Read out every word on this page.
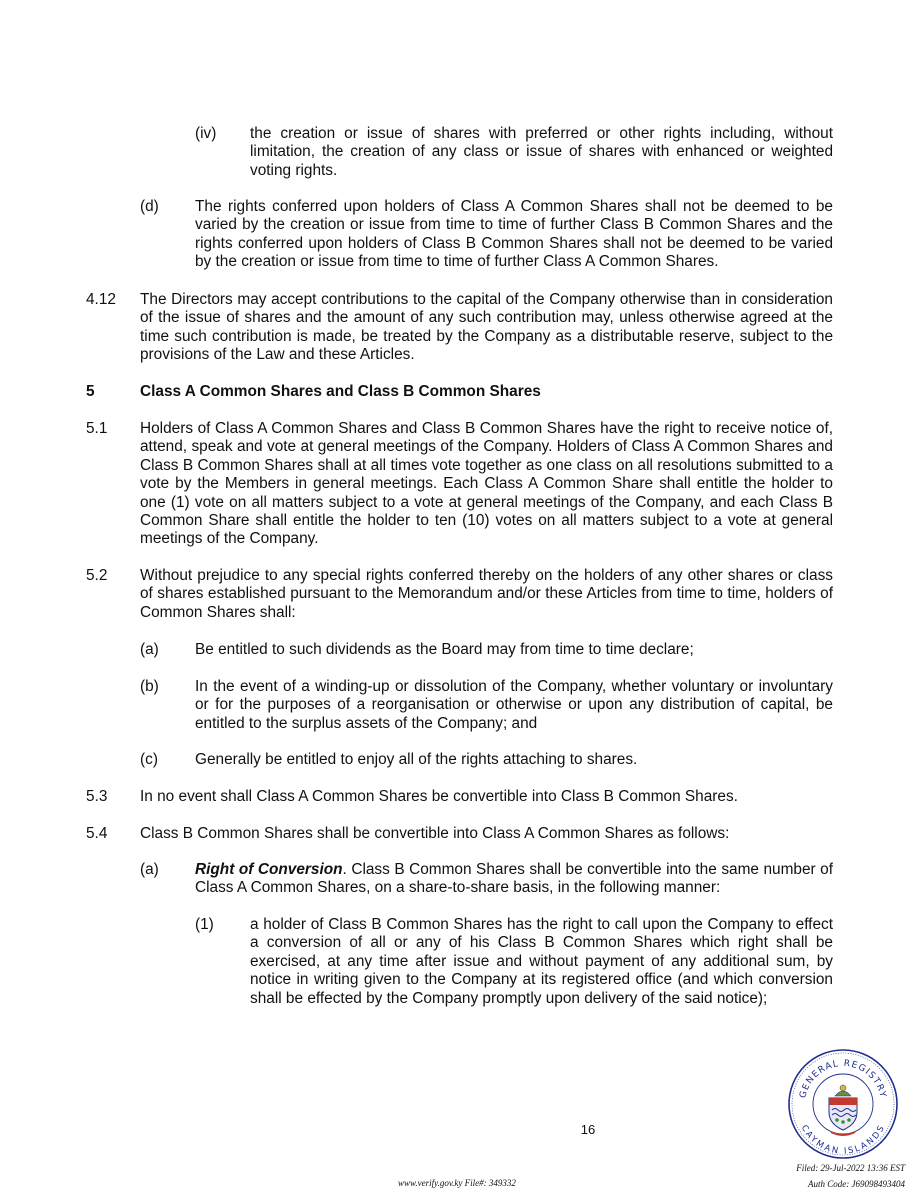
(iv) the creation or issue of shares with preferred or other rights including, without limitation, the creation of any class or issue of shares with enhanced or weighted voting rights.
(d) The rights conferred upon holders of Class A Common Shares shall not be deemed to be varied by the creation or issue from time to time of further Class B Common Shares and the rights conferred upon holders of Class B Common Shares shall not be deemed to be varied by the creation or issue from time to time of further Class A Common Shares.
4.12 The Directors may accept contributions to the capital of the Company otherwise than in consideration of the issue of shares and the amount of any such contribution may, unless otherwise agreed at the time such contribution is made, be treated by the Company as a distributable reserve, subject to the provisions of the Law and these Articles.
5	Class A Common Shares and Class B Common Shares
5.1 Holders of Class A Common Shares and Class B Common Shares have the right to receive notice of, attend, speak and vote at general meetings of the Company. Holders of Class A Common Shares and Class B Common Shares shall at all times vote together as one class on all resolutions submitted to a vote by the Members in general meetings. Each Class A Common Share shall entitle the holder to one (1) vote on all matters subject to a vote at general meetings of the Company, and each Class B Common Share shall entitle the holder to ten (10) votes on all matters subject to a vote at general meetings of the Company.
5.2 Without prejudice to any special rights conferred thereby on the holders of any other shares or class of shares established pursuant to the Memorandum and/or these Articles from time to time, holders of Common Shares shall:
(a) Be entitled to such dividends as the Board may from time to time declare;
(b) In the event of a winding-up or dissolution of the Company, whether voluntary or involuntary or for the purposes of a reorganisation or otherwise or upon any distribution of capital, be entitled to the surplus assets of the Company; and
(c) Generally be entitled to enjoy all of the rights attaching to shares.
5.3 In no event shall Class A Common Shares be convertible into Class B Common Shares.
5.4 Class B Common Shares shall be convertible into Class A Common Shares as follows:
(a) Right of Conversion. Class B Common Shares shall be convertible into the same number of Class A Common Shares, on a share-to-share basis, in the following manner:
(1) a holder of Class B Common Shares has the right to call upon the Company to effect a conversion of all or any of his Class B Common Shares which right shall be exercised, at any time after issue and without payment of any additional sum, by notice in writing given to the Company at its registered office (and which conversion shall be effected by the Company promptly upon delivery of the said notice);
16
GENERAL REGISTRY
CAYMAN ISLANDS
www.verify.gov.ky File#: 349332
Filed: 29-Jul-2022 13:36 EST
Auth Code: J69098493404
